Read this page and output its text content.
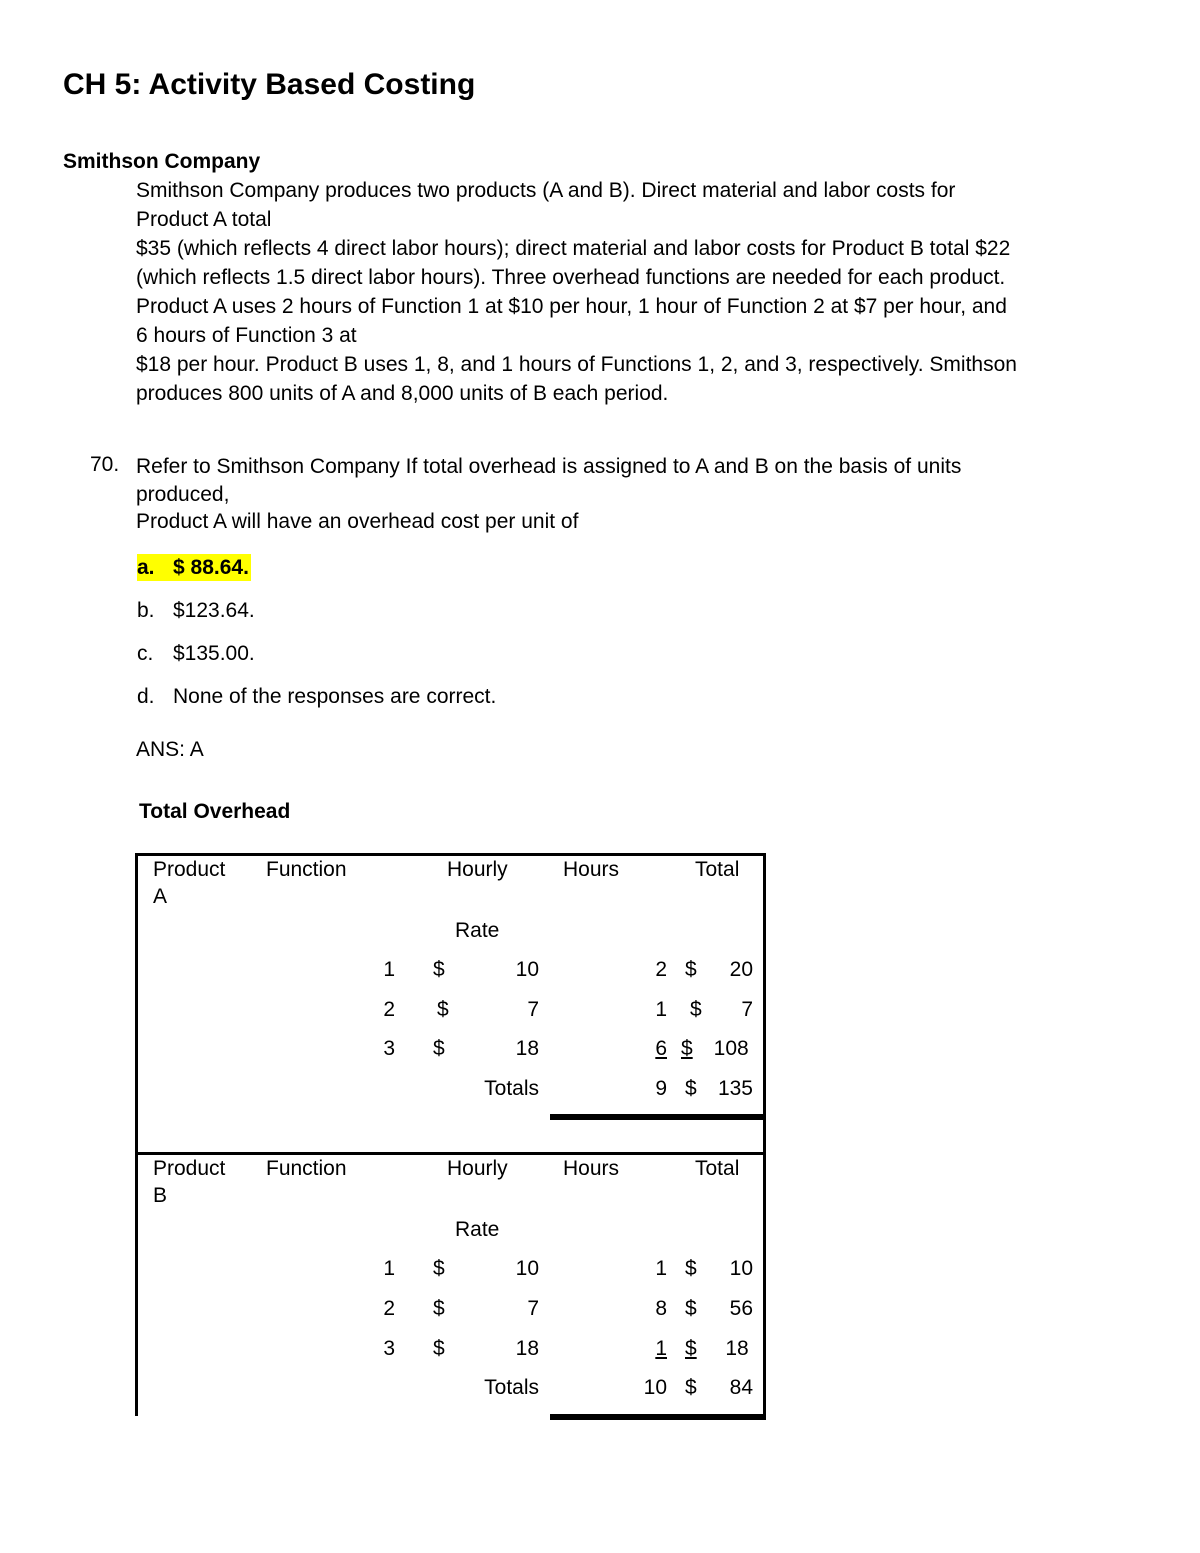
CH 5: Activity Based Costing
Smithson Company
Smithson Company produces two products (A and B). Direct material and labor costs for
Product A total
$35 (which reflects 4 direct labor hours); direct material and labor costs for Product B total $22
(which reflects 1.5 direct labor hours). Three overhead functions are needed for each product.
Product A uses 2 hours of Function 1 at $10 per hour, 1 hour of Function 2 at $7 per hour, and
6 hours of Function 3 at
$18 per hour. Product B uses 1, 8, and 1 hours of Functions 1, 2, and 3, respectively. Smithson
produces 800 units of A and 8,000 units of B each period.
70. Refer to Smithson Company If total overhead is assigned to A and B on the basis of units
produced,
Product A will have an overhead cost per unit of
a. $ 88.64.
b. $123.64.
c. $135.00.
d. None of the responses are correct.
ANS: A
Total Overhead
Product
A
Function	Hourly
Rate
Hours	Total
1 $	10	2 $	20
2 $	7	1 $	7
3 $	18	6 $ 108
Totals	9 $	135
Product
B
Function	Hourly
Rate
Hours	Total
1 $	10	1 $	10
2 $	7	8 $	56
3 $	18	1 $ 18
Totals	10 $	84
